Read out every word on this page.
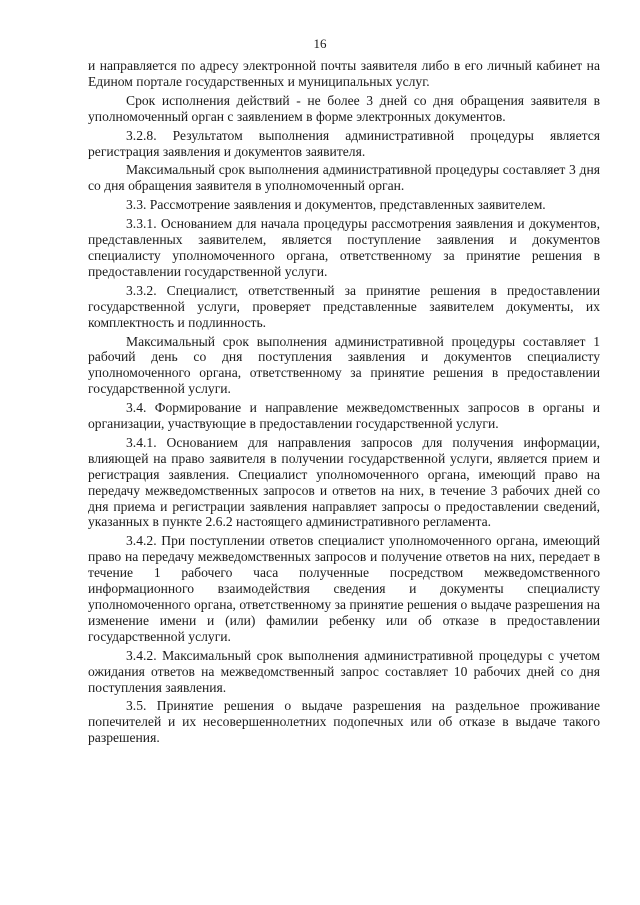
16

и направляется по адресу электронной почты заявителя либо в его личный кабинет на Едином портале государственных и муниципальных услуг.

Срок исполнения действий - не более 3 дней со дня обращения заявителя в уполномоченный орган с заявлением в форме электронных документов.

3.2.8. Результатом выполнения административной процедуры является регистрация заявления и документов заявителя.

Максимальный срок выполнения административной процедуры составляет 3 дня со дня обращения заявителя в уполномоченный орган.

3.3. Рассмотрение заявления и документов, представленных заявителем.

3.3.1. Основанием для начала процедуры рассмотрения заявления и документов, представленных заявителем, является поступление заявления и документов специалисту уполномоченного органа, ответственному за принятие решения в предоставлении государственной услуги.

3.3.2. Специалист, ответственный за принятие решения в предоставлении государственной услуги, проверяет представленные заявителем документы, их комплектность и подлинность.

Максимальный срок выполнения административной процедуры составляет 1 рабочий день со дня поступления заявления и документов специалисту уполномоченного органа, ответственному за принятие решения в предоставлении государственной услуги.

3.4. Формирование и направление межведомственных запросов в органы и организации, участвующие в предоставлении государственной услуги.

3.4.1. Основанием для направления запросов для получения информации, влияющей на право заявителя в получении государственной услуги, является прием и регистрация заявления. Специалист уполномоченного органа, имеющий право на передачу межведомственных запросов и ответов на них, в течение 3 рабочих дней со дня приема и регистрации заявления направляет запросы о предоставлении сведений, указанных в пункте 2.6.2 настоящего административного регламента.

3.4.2. При поступлении ответов специалист уполномоченного органа, имеющий право на передачу межведомственных запросов и получение ответов на них, передает в течение 1 рабочего часа полученные посредством межведомственного информационного взаимодействия сведения и документы специалисту уполномоченного органа, ответственному за принятие решения о выдаче разрешения на изменение имени и (или) фамилии ребенку или об отказе в предоставлении государственной услуги.

3.4.2. Максимальный срок выполнения административной процедуры с учетом ожидания ответов на межведомственный запрос составляет 10 рабочих дней со дня поступления заявления.

3.5. Принятие решения о выдаче разрешения на раздельное проживание попечителей и их несовершеннолетних подопечных или об отказе в выдаче такого разрешения.
